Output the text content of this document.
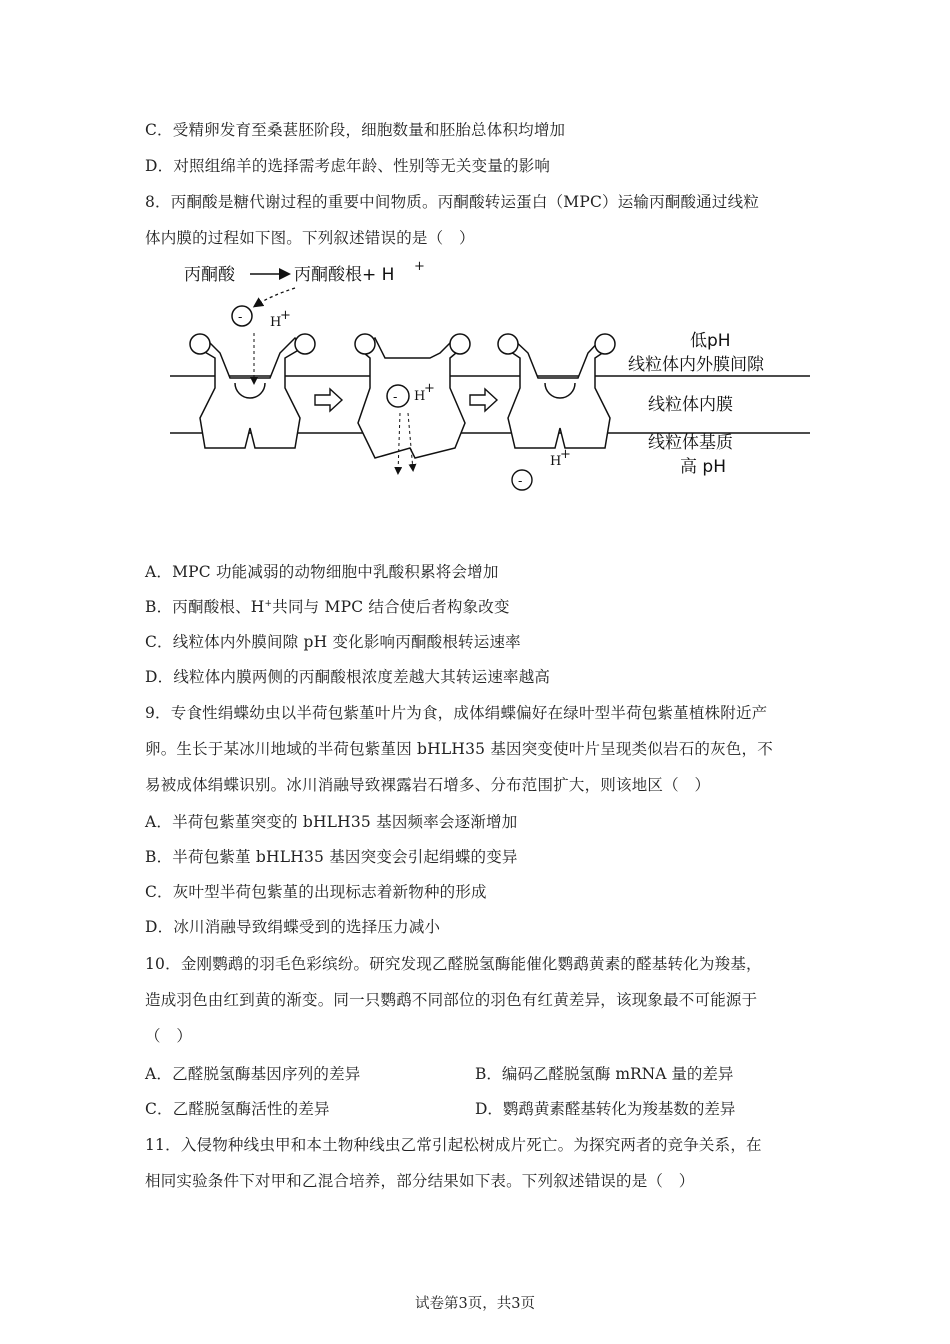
C．受精卵发育至桑葚胚阶段，细胞数量和胚胎总体积均增加
D．对照组绵羊的选择需考虑年龄、性别等无关变量的影响
8．丙酮酸是糖代谢过程的重要中间物质。丙酮酸转运蛋白（MPC）运输丙酮酸通过线粒
体内膜的过程如下图。下列叙述错误的是（　）
丙酮酸	丙酮酸根+ H +
- H
+
- H
+
H
+
-
低pH
线粒体内外膜间隙
线粒体内膜
线粒体基质
高 pH
A．MPC 功能减弱的动物细胞中乳酸积累将会增加
B．丙酮酸根、H+共同与 MPC 结合使后者构象改变
C．线粒体内外膜间隙 pH 变化影响丙酮酸根转运速率
D．线粒体内膜两侧的丙酮酸根浓度差越大其转运速率越高
9．专食性绢蝶幼虫以半荷包紫堇叶片为食，成体绢蝶偏好在绿叶型半荷包紫堇植株附近产
卵。生长于某冰川地域的半荷包紫堇因 bHLH35 基因突变使叶片呈现类似岩石的灰色，不
易被成体绢蝶识别。冰川消融导致裸露岩石增多、分布范围扩大，则该地区（　）
A．半荷包紫堇突变的 bHLH35 基因频率会逐渐增加
B．半荷包紫堇 bHLH35 基因突变会引起绢蝶的变异
C．灰叶型半荷包紫堇的出现标志着新物种的形成
D．冰川消融导致绢蝶受到的选择压力减小
10．金刚鹦鹉的羽毛色彩缤纷。研究发现乙醛脱氢酶能催化鹦鹉黄素的醛基转化为羧基，
造成羽色由红到黄的渐变。同一只鹦鹉不同部位的羽色有红黄差异，该现象最不可能源于
（　）
A．乙醛脱氢酶基因序列的差异	B．编码乙醛脱氢酶 mRNA 量的差异
C．乙醛脱氢酶活性的差异	D．鹦鹉黄素醛基转化为羧基数的差异
11．入侵物种线虫甲和本土物种线虫乙常引起松树成片死亡。为探究两者的竞争关系，在
相同实验条件下对甲和乙混合培养，部分结果如下表。下列叙述错误的是（　）
试卷第3页，共3页
